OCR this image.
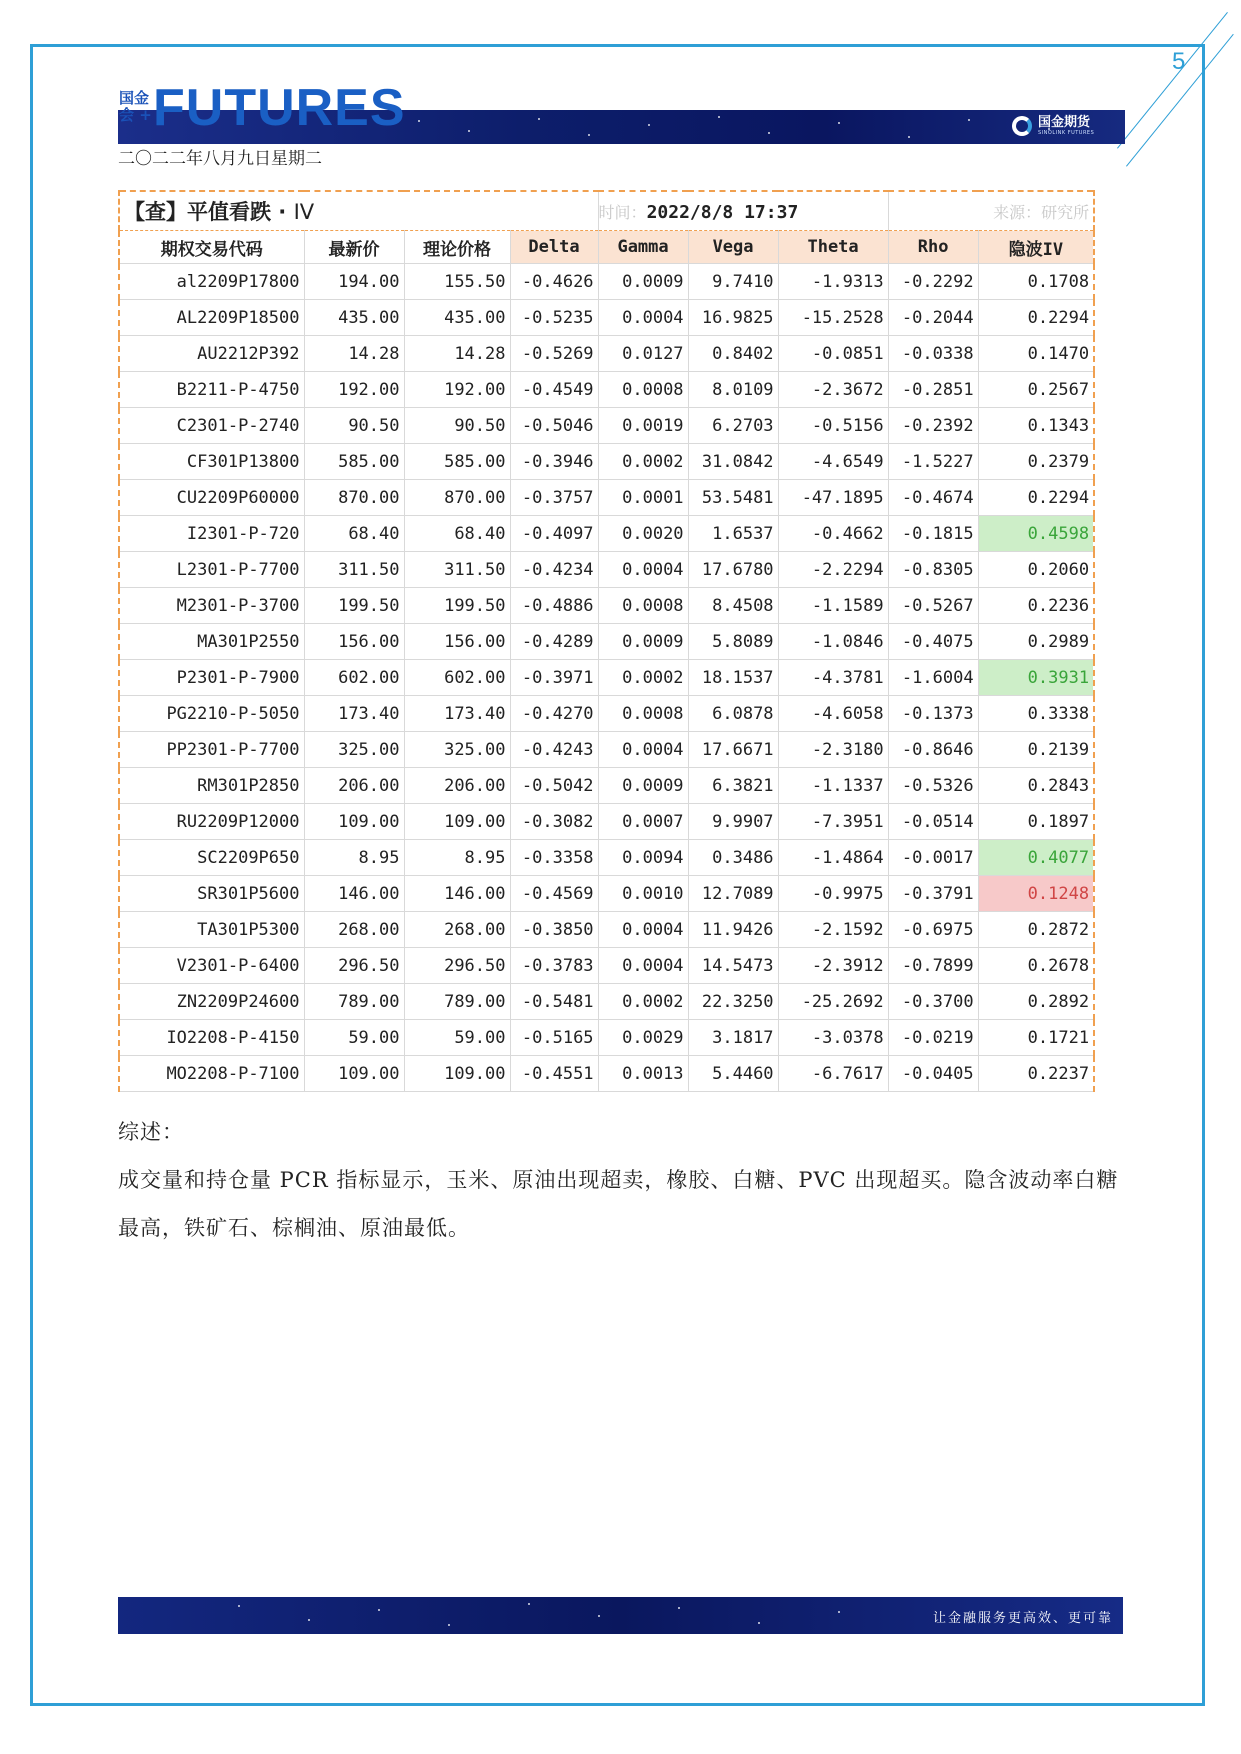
5
国金
会 + FUTURES	国金期货
SINOLINK FUTURES
二〇二二年八月九日星期二
【查】平值看跌 · IV				时间：2022/8/8 17:37			来源：研究所	
期权交易代码	最新价	理论价格	Delta	Gamma	Vega	Theta	Rho	隐波IV
al2209P17800	194.00	155.50	-0.4626	0.0009	9.7410	-1.9313	-0.2292	0.1708
AL2209P18500	435.00	435.00	-0.5235	0.0004	16.9825	-15.2528	-0.2044	0.2294
AU2212P392	14.28	14.28	-0.5269	0.0127	0.8402	-0.0851	-0.0338	0.1470
B2211-P-4750	192.00	192.00	-0.4549	0.0008	8.0109	-2.3672	-0.2851	0.2567
C2301-P-2740	90.50	90.50	-0.5046	0.0019	6.2703	-0.5156	-0.2392	0.1343
CF301P13800	585.00	585.00	-0.3946	0.0002	31.0842	-4.6549	-1.5227	0.2379
CU2209P60000	870.00	870.00	-0.3757	0.0001	53.5481	-47.1895	-0.4674	0.2294
I2301-P-720	68.40	68.40	-0.4097	0.0020	1.6537	-0.4662	-0.1815	0.4598
L2301-P-7700	311.50	311.50	-0.4234	0.0004	17.6780	-2.2294	-0.8305	0.2060
M2301-P-3700	199.50	199.50	-0.4886	0.0008	8.4508	-1.1589	-0.5267	0.2236
MA301P2550	156.00	156.00	-0.4289	0.0009	5.8089	-1.0846	-0.4075	0.2989
P2301-P-7900	602.00	602.00	-0.3971	0.0002	18.1537	-4.3781	-1.6004	0.3931
PG2210-P-5050	173.40	173.40	-0.4270	0.0008	6.0878	-4.6058	-0.1373	0.3338
PP2301-P-7700	325.00	325.00	-0.4243	0.0004	17.6671	-2.3180	-0.8646	0.2139
RM301P2850	206.00	206.00	-0.5042	0.0009	6.3821	-1.1337	-0.5326	0.2843
RU2209P12000	109.00	109.00	-0.3082	0.0007	9.9907	-7.3951	-0.0514	0.1897
SC2209P650	8.95	8.95	-0.3358	0.0094	0.3486	-1.4864	-0.0017	0.4077
SR301P5600	146.00	146.00	-0.4569	0.0010	12.7089	-0.9975	-0.3791	0.1248
TA301P5300	268.00	268.00	-0.3850	0.0004	11.9426	-2.1592	-0.6975	0.2872
V2301-P-6400	296.50	296.50	-0.3783	0.0004	14.5473	-2.3912	-0.7899	0.2678
ZN2209P24600	789.00	789.00	-0.5481	0.0002	22.3250	-25.2692	-0.3700	0.2892
IO2208-P-4150	59.00	59.00	-0.5165	0.0029	3.1817	-3.0378	-0.0219	0.1721
MO2208-P-7100	109.00	109.00	-0.4551	0.0013	5.4460	-6.7617	-0.0405	0.2237
综述：
成交量和持仓量 PCR 指标显示，玉米、原油出现超卖，橡胶、白糖、PVC 出现超买。隐含波动率白糖最高，铁矿石、棕榈油、原油最低。
让金融服务更高效、更可靠
